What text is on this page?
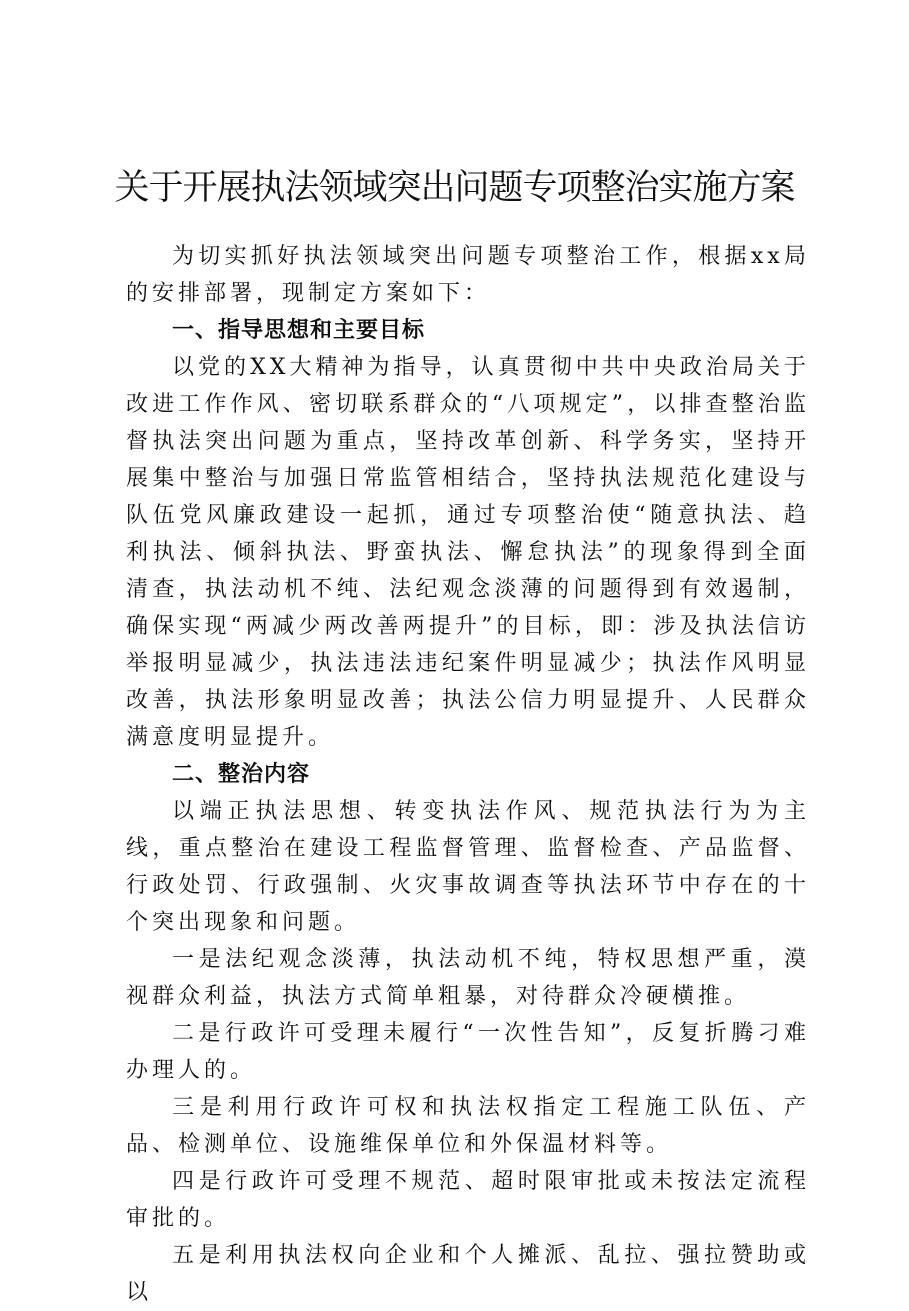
关于开展执法领域突出问题专项整治实施方案

为切实抓好执法领域突出问题专项整治工作，根据xx局的安排部署，现制定方案如下：

一、指导思想和主要目标

以党的XX大精神为指导，认真贯彻中共中央政治局关于改进工作作风、密切联系群众的“八项规定”，以排查整治监督执法突出问题为重点，坚持改革创新、科学务实，坚持开展集中整治与加强日常监管相结合，坚持执法规范化建设与队伍党风廉政建设一起抓，通过专项整治使“随意执法、趋利执法、倾斜执法、野蛮执法、懈怠执法”的现象得到全面清查，执法动机不纯、法纪观念淡薄的问题得到有效遏制，确保实现“两减少两改善两提升”的目标，即：涉及执法信访举报明显减少，执法违法违纪案件明显减少；执法作风明显改善，执法形象明显改善；执法公信力明显提升、人民群众满意度明显提升。

二、整治内容

以端正执法思想、转变执法作风、规范执法行为为主线，重点整治在建设工程监督管理、监督检查、产品监督、行政处罚、行政强制、火灾事故调查等执法环节中存在的十个突出现象和问题。

一是法纪观念淡薄，执法动机不纯，特权思想严重，漠视群众利益，执法方式简单粗暴，对待群众冷硬横推。

二是行政许可受理未履行“一次性告知”，反复折腾刁难办理人的。

三是利用行政许可权和执法权指定工程施工队伍、产品、检测单位、设施维保单位和外保温材料等。

四是行政许可受理不规范、超时限审批或未按法定流程审批的。

五是利用执法权向企业和个人摊派、乱拉、强拉赞助或以
